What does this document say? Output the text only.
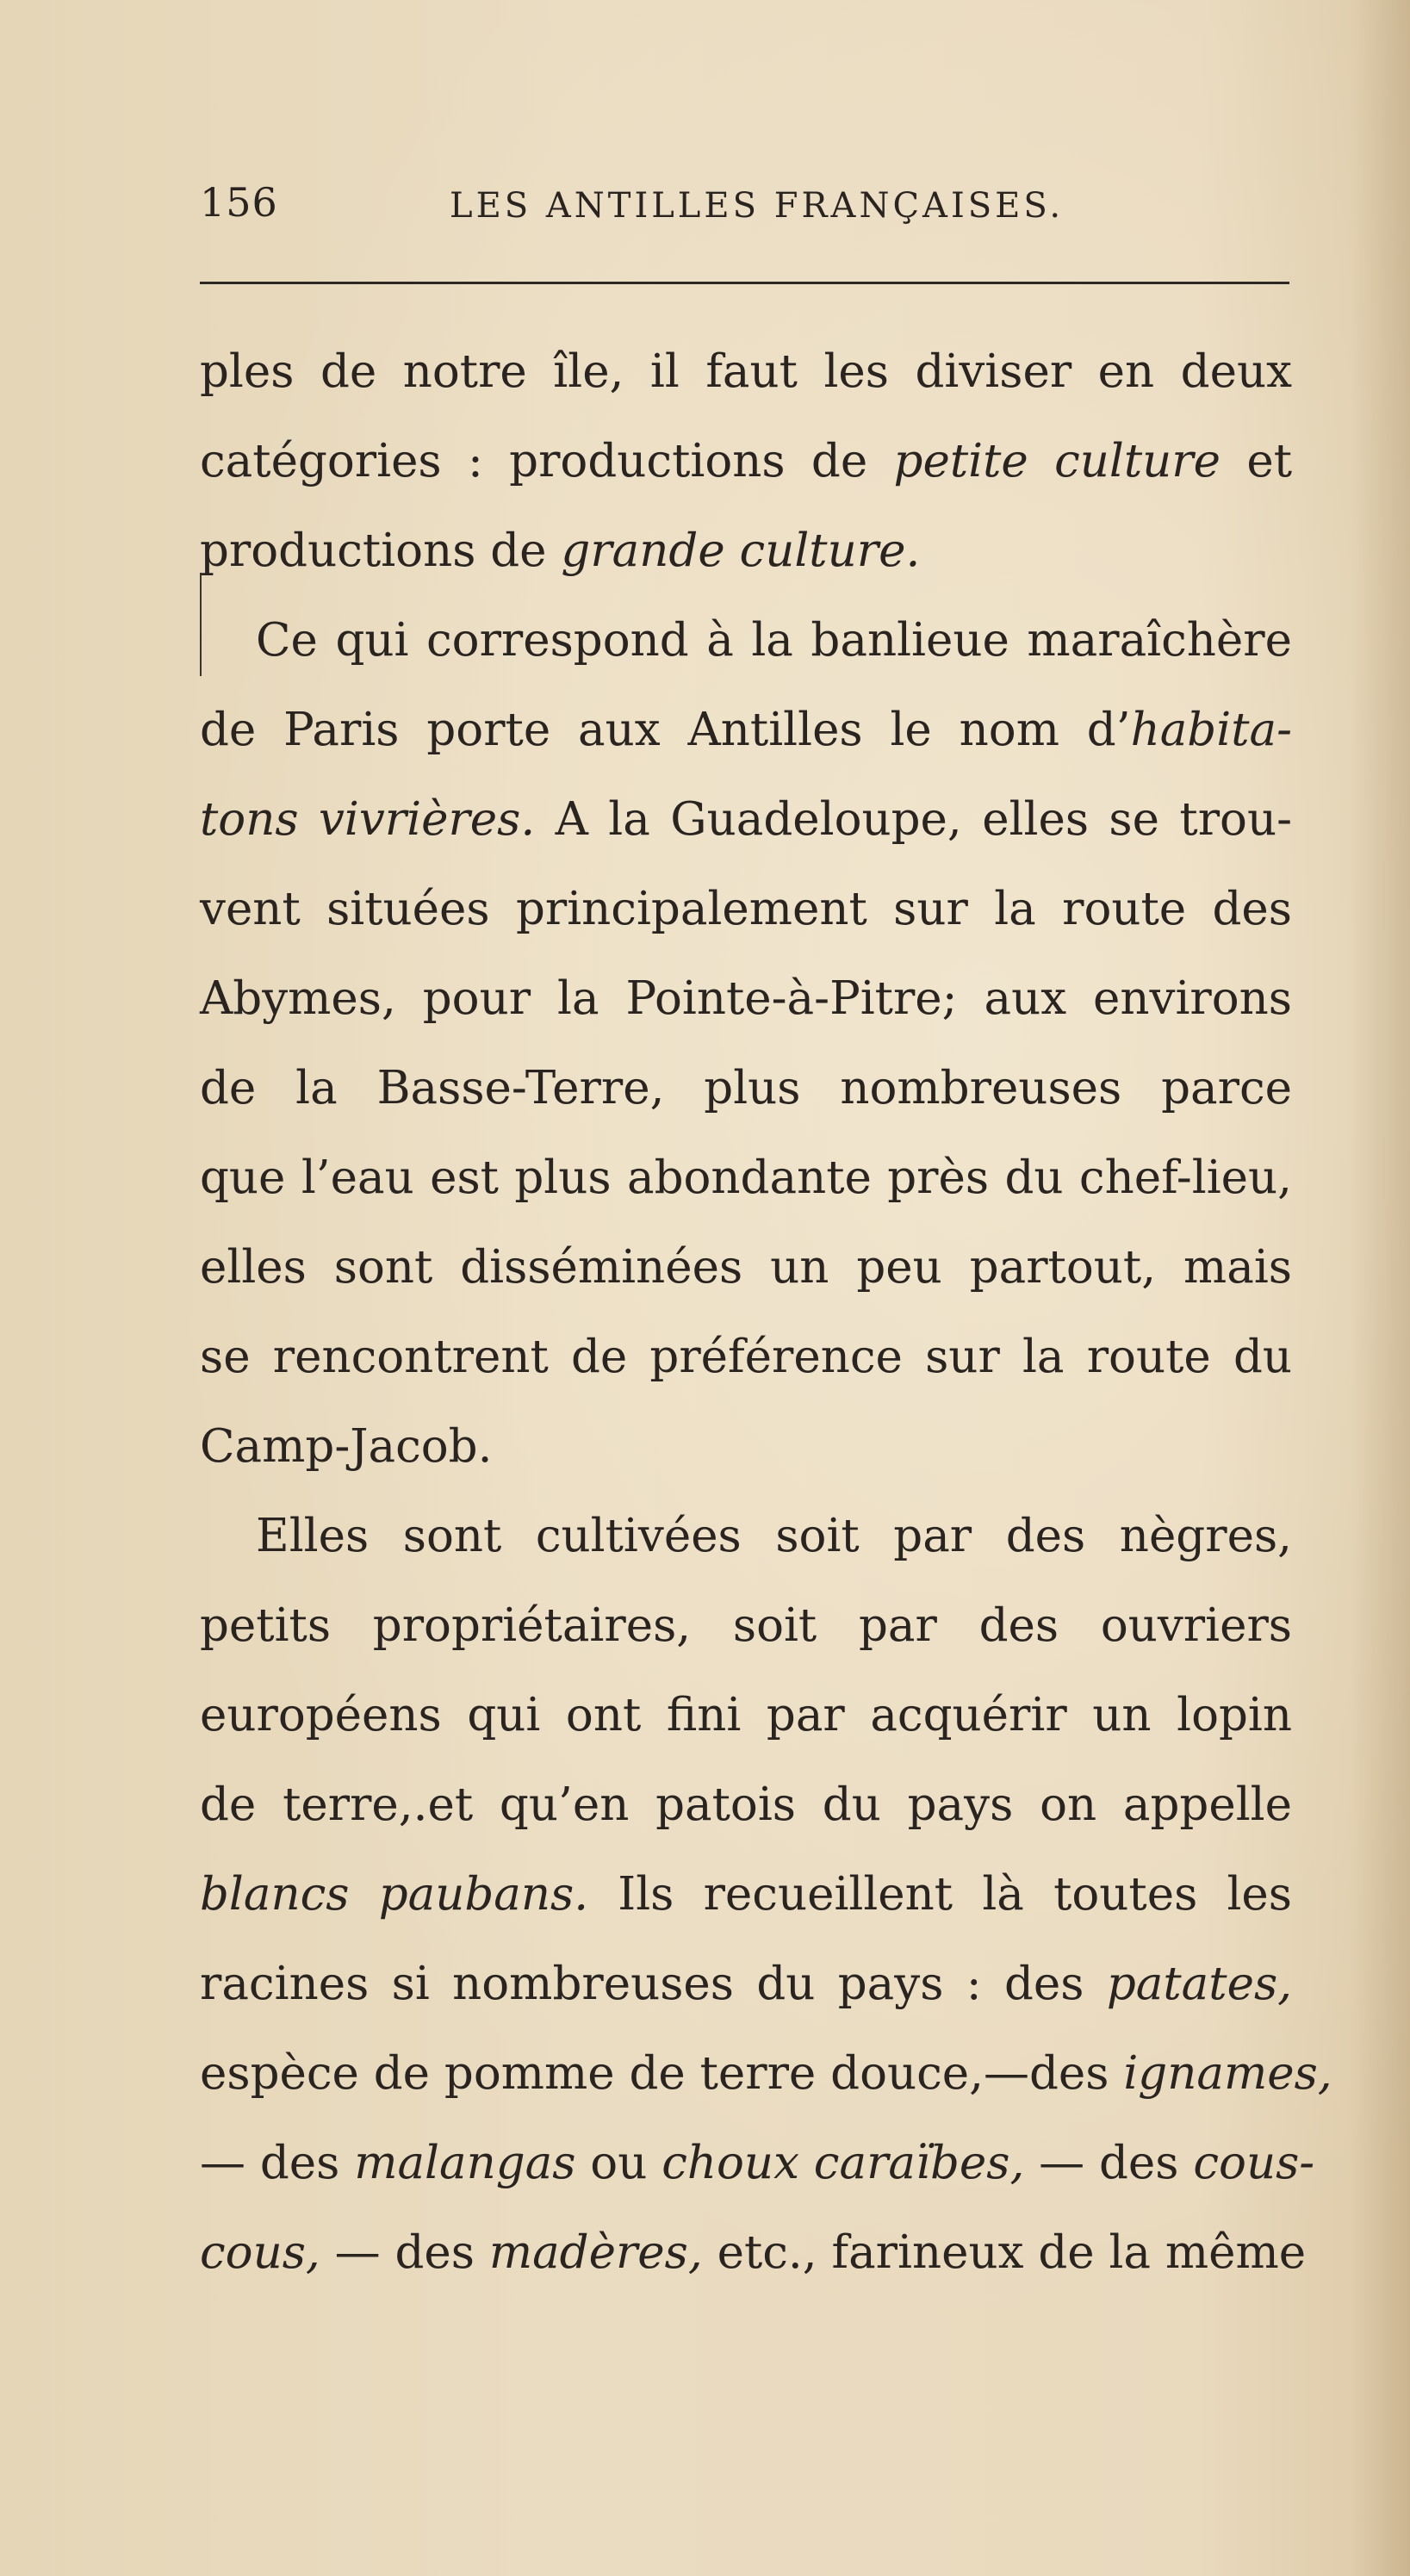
156	LES ANTILLES FRANÇAISES.
ples de notre île, il faut les diviser en deux
catégories : productions de petite culture et
productions de grande culture.
Ce qui correspond à la banlieue maraîchère
de Paris porte aux Antilles le nom d’habita-
tons vivrières. A la Guadeloupe, elles se trou-
vent situées principalement sur la route des
Abymes, pour la Pointe-à-Pitre; aux environs
de la Basse-Terre, plus nombreuses parce
que l’eau est plus abondante près du chef-lieu,
elles sont disséminées un peu partout, mais
se rencontrent de préférence sur la route du
Camp-Jacob.
Elles sont cultivées soit par des nègres,
petits propriétaires, soit par des ouvriers
européens qui ont fini par acquérir un lopin
de terre,.et qu’en patois du pays on appelle
blancs paubans. Ils recueillent là toutes les
racines si nombreuses du pays : des patates,
espèce de pomme de terre douce,—des ignames,
— des malangas ou choux caraïbes, — des cous-
cous, — des madères, etc., farineux de la même
